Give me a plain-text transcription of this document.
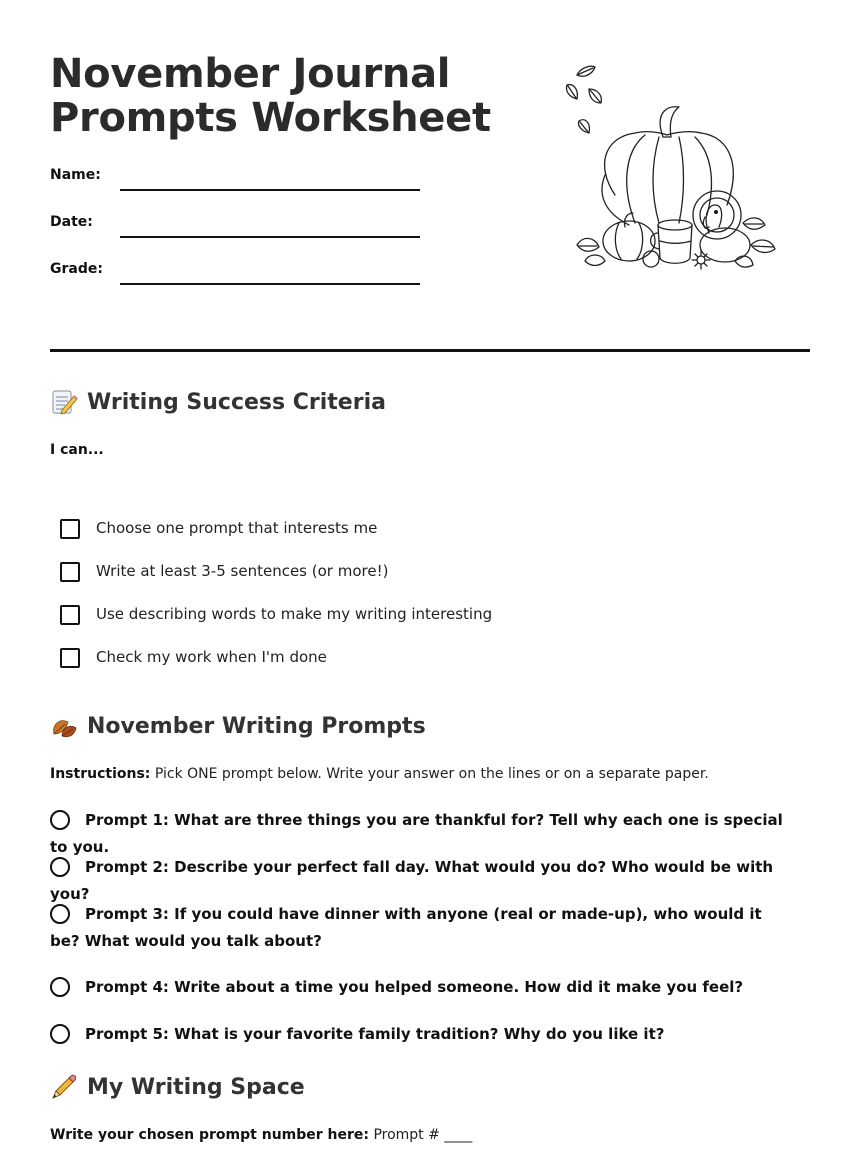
November Journal
Prompts Worksheet
Name:
Date:
Grade:
Writing Success Criteria
I can...
Choose one prompt that interests me
Write at least 3-5 sentences (or more!)
Use describing words to make my writing interesting
Check my work when I'm done
November Writing Prompts
Instructions: Pick ONE prompt below. Write your answer on the lines or on a separate paper.
Prompt 1: What are three things you are thankful for? Tell why each one is special to you.
Prompt 2: Describe your perfect fall day. What would you do? Who would be with you?
Prompt 3: If you could have dinner with anyone (real or made-up), who would it be? What would you talk about?
Prompt 4: Write about a time you helped someone. How did it make you feel?
Prompt 5: What is your favorite family tradition? Why do you like it?
My Writing Space
Write your chosen prompt number here: Prompt # ____
